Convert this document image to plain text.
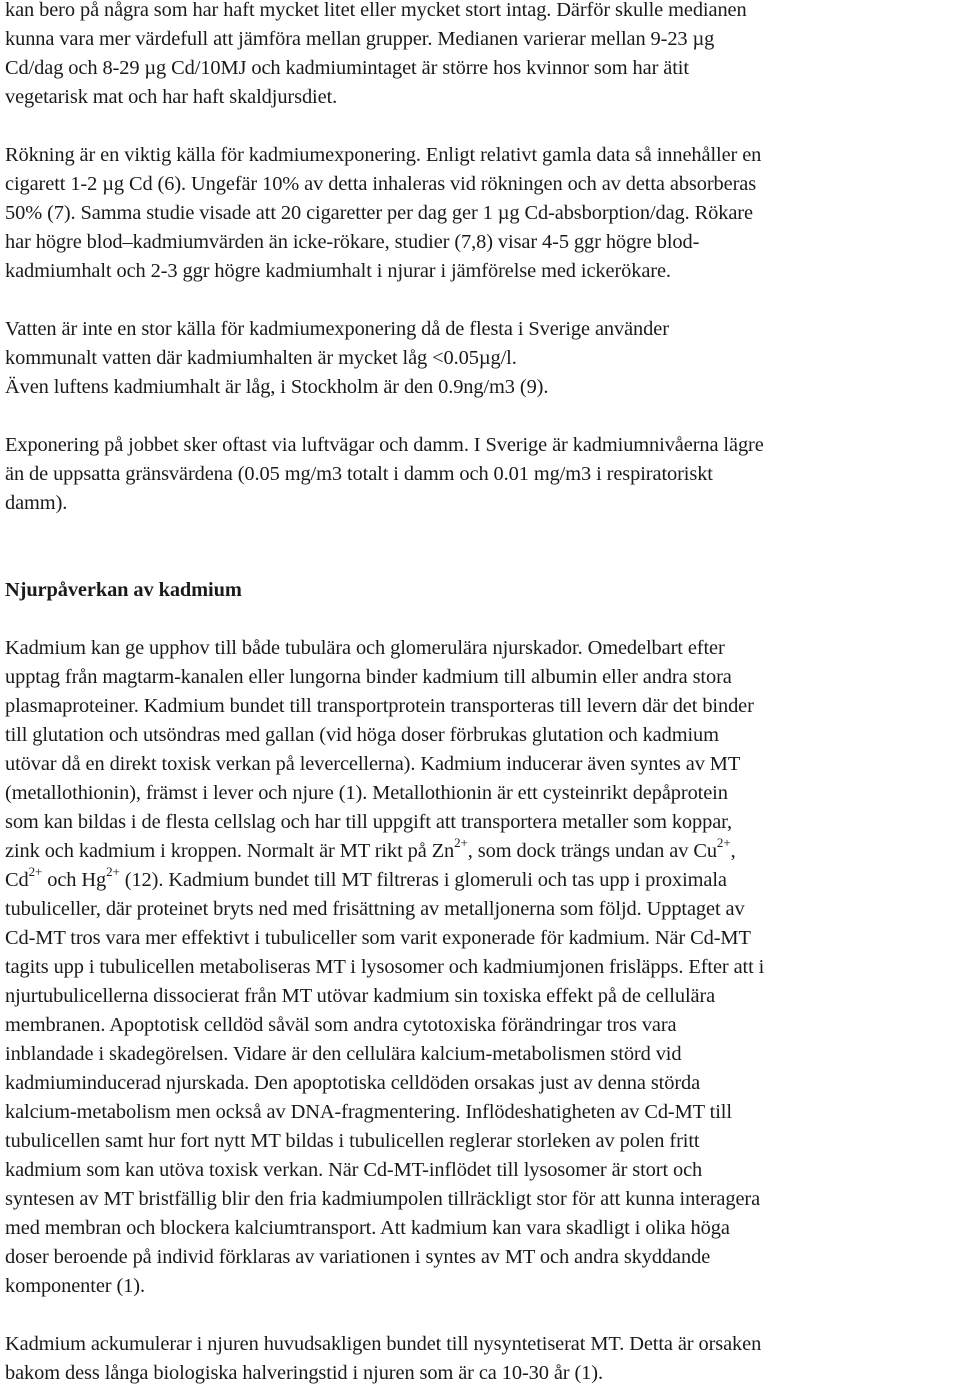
kan bero på några som har haft mycket litet eller mycket stort intag. Därför skulle medianen
kunna vara mer värdefull att jämföra mellan grupper. Medianen varierar mellan 9-23 µg
Cd/dag och 8-29 µg Cd/10MJ och kadmiumintaget är större hos kvinnor som har ätit
vegetarisk mat och har haft skaldjursdiet.

Rökning är en viktig källa för kadmiumexponering. Enligt relativt gamla data så innehåller en
cigarett 1-2 µg Cd (6). Ungefär 10% av detta inhaleras vid rökningen och av detta absorberas
50% (7). Samma studie visade att 20 cigaretter per dag ger 1 µg Cd-absborption/dag. Rökare
har högre blod–kadmiumvärden än icke-rökare, studier (7,8) visar 4-5 ggr högre blod-
kadmiumhalt och 2-3 ggr högre kadmiumhalt i njurar i jämförelse med ickerökare.

Vatten är inte en stor källa för kadmiumexponering då de flesta i Sverige använder
kommunalt vatten där kadmiumhalten är mycket låg <0.05µg/l.
Även luftens kadmiumhalt är låg, i Stockholm är den 0.9ng/m3 (9).

Exponering på jobbet sker oftast via luftvägar och damm. I Sverige är kadmiumnivåerna lägre
än de uppsatta gränsvärdena (0.05 mg/m3 totalt i damm och 0.01 mg/m3 i respiratoriskt
damm).

Njurpåverkan av kadmium

Kadmium kan ge upphov till både tubulära och glomerulära njurskador. Omedelbart efter
upptag från magtarm-kanalen eller lungorna binder kadmium till albumin eller andra stora
plasmaproteiner. Kadmium bundet till transportprotein transporteras till levern där det binder
till glutation och utsöndras med gallan (vid höga doser förbrukas glutation och kadmium
utövar då en direkt toxisk verkan på levercellerna). Kadmium inducerar även syntes av MT
(metallothionin), främst i lever och njure (1). Metallothionin är ett cysteinrikt depåprotein
som kan bildas i de flesta cellslag och har till uppgift att transportera metaller som koppar,
zink och kadmium i kroppen. Normalt är MT rikt på $Zn^{2+}$, som dock trängs undan av $Cu^{2+}$,
$Cd^{2+}$ och $Hg^{2+}$ (12). Kadmium bundet till MT filtreras i glomeruli och tas upp i proximala
tubuliceller, där proteinet bryts ned med frisättning av metalljonerna som följd. Upptaget av
Cd-MT tros vara mer effektivt i tubuliceller som varit exponerade för kadmium. När Cd-MT
tagits upp i tubulicellen metaboliseras MT i lysosomer och kadmiumjonen frisläpps. Efter att i
njurtubulicellerna dissocierat från MT utövar kadmium sin toxiska effekt på de cellulära
membranen. Apoptotisk celldöd såväl som andra cytotoxiska förändringar tros vara
inblandade i skadegörelsen. Vidare är den cellulära kalcium-metabolismen störd vid
kadmiuminducerad njurskada. Den apoptotiska celldöden orsakas just av denna störda
kalcium-metabolism men också av DNA-fragmentering. Inflödeshatigheten av Cd-MT till
tubulicellen samt hur fort nytt MT bildas i tubulicellen reglerar storleken av polen fritt
kadmium som kan utöva toxisk verkan. När Cd-MT-inflödet till lysosomer är stort och
syntesen av MT bristfällig blir den fria kadmiumpolen tillräckligt stor för att kunna interagera
med membran och blockera kalciumtransport. Att kadmium kan vara skadligt i olika höga
doser beroende på individ förklaras av variationen i syntes av MT och andra skyddande
komponenter (1).

Kadmium ackumulerar i njuren huvudsakligen bundet till nysyntetiserat MT. Detta är orsaken
bakom dess långa biologiska halveringstid i njuren som är ca 10-30 år (1).
